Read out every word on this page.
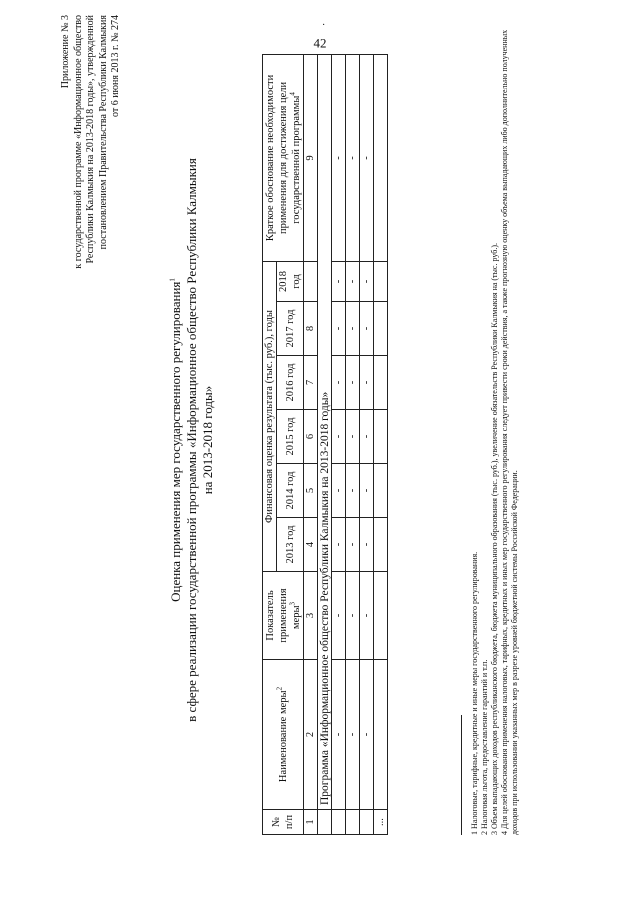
·
42
Приложение № 3 к государственной программе «Информационное общество Республики Калмыкия на 2013-2018 годы», утвержденной постановлением Правительства Республики Калмыкия от 6 июня 2013 г. № 274
Оценка применения мер государственного регулирования$^1$ в сфере реализации государственной программы «Информационное общество Республики Калмыкия на 2013-2018 годы»
№ п/п	Наименование меры$^2$	Показатель применения меры$^3$	Финансовая оценка результата (тыс. руб.), годы						Краткое обоснование необходимости применения для достижения цели государственной программы$^4$
			2013 год	2014 год	2015 год	2016 год	2017 год	2018 год	
1	2	3	4	5	6	7	8		9
	Программа «Информационное общество Республики Калмыкия на 2013-2018 годы»								
	-	-	-	-	-	-	-	-	-
	-	-	-	-	-	-	-	-	-
	-	-	-	-	-	-	-	-	-
...										1 Налоговые, тарифные, кредитные и иные меры государственного регулирования. 2 Налоговая льгота, предоставление гарантий и т.п. 3 Объем выпадающих доходов республиканского бюджета, бюджета муниципального образования (тыс. руб.), увеличение обязательств Республики Калмыкия на (тыс. руб.). 4 Для целей обоснования применения налоговых, тарифных, кредитных и иных мер государственного регулирования следует привести сроки действия, а также прогнозную оценку объема выпадающих либо дополнительно полученных доходов при использовании указанных мер в разрезе уровней бюджетной системы Российской Федерации.
